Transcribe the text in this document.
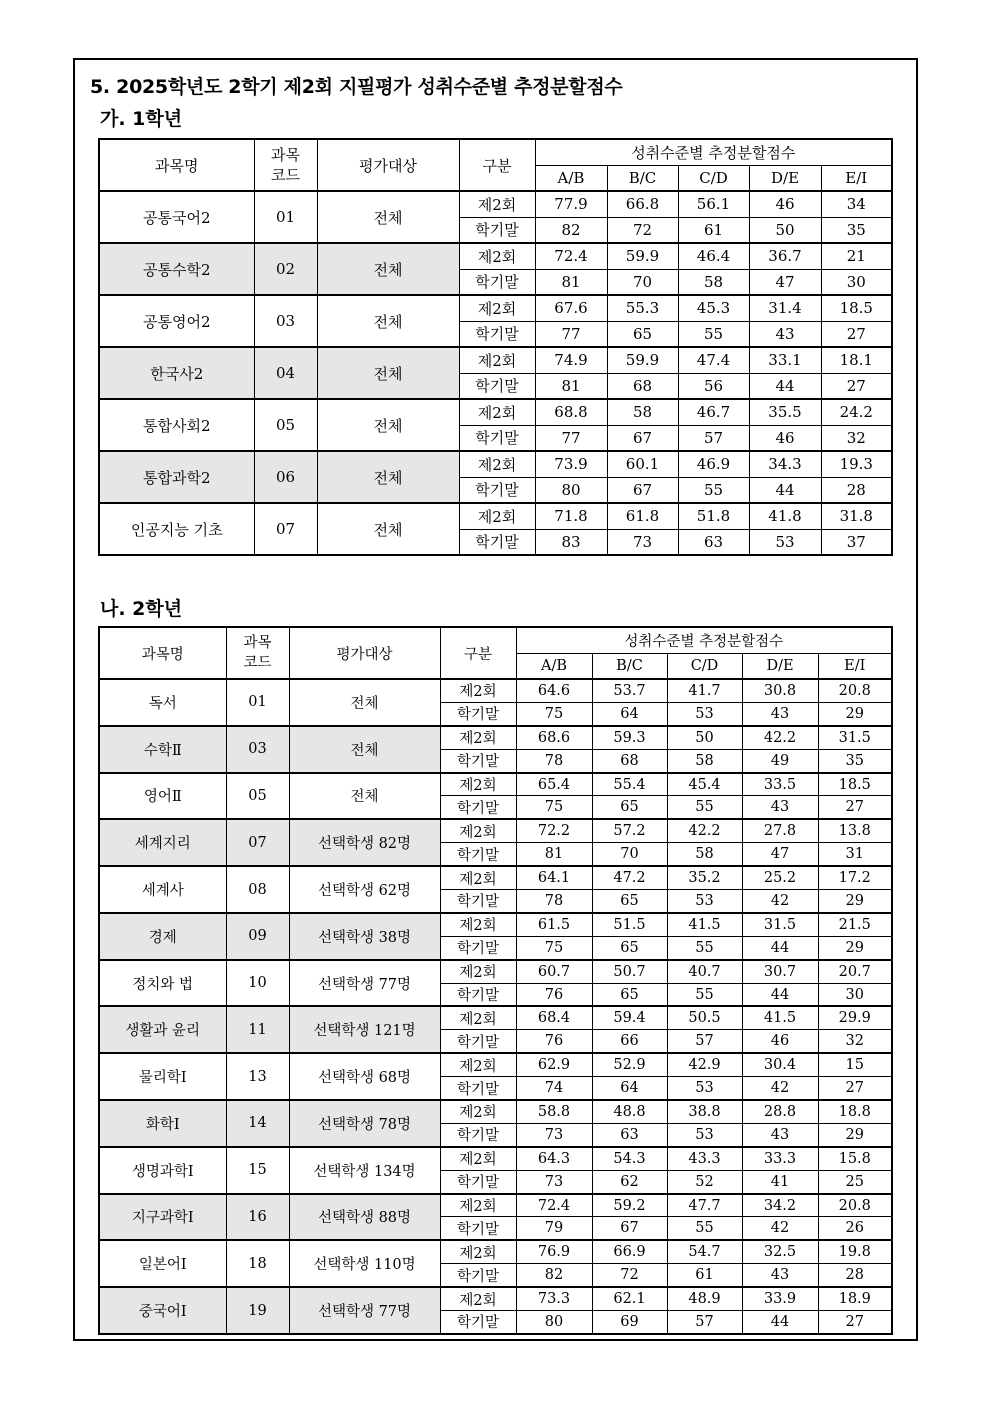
5. 2025학년도 2학기 제2회 지필평가 성취수준별 추정분할점수
가. 1학년
과목명	과목
코드	평가대상	구분	성취수준별 추정분할점수				
				A/B	B/C	C/D	D/E	E/I
공통국어2	01	전체	제2회	77.9	66.8	56.1	46	34
			학기말	82	72	61	50	35
공통수학2	02	전체	제2회	72.4	59.9	46.4	36.7	21
			학기말	81	70	58	47	30
공통영어2	03	전체	제2회	67.6	55.3	45.3	31.4	18.5
			학기말	77	65	55	43	27
한국사2	04	전체	제2회	74.9	59.9	47.4	33.1	18.1
			학기말	81	68	56	44	27
통합사회2	05	전체	제2회	68.8	58	46.7	35.5	24.2
			학기말	77	67	57	46	32
통합과학2	06	전체	제2회	73.9	60.1	46.9	34.3	19.3
			학기말	80	67	55	44	28
인공지능 기초	07	전체	제2회	71.8	61.8	51.8	41.8	31.8
			학기말	83	73	63	53	37
나. 2학년
과목명	과목
코드	평가대상	구분	성취수준별 추정분할점수				
				A/B	B/C	C/D	D/E	E/I
독서	01	전체	제2회	64.6	53.7	41.7	30.8	20.8
			학기말	75	64	53	43	29
수학Ⅱ	03	전체	제2회	68.6	59.3	50	42.2	31.5
			학기말	78	68	58	49	35
영어Ⅱ	05	전체	제2회	65.4	55.4	45.4	33.5	18.5
			학기말	75	65	55	43	27
세계지리	07	선택학생 82명	제2회	72.2	57.2	42.2	27.8	13.8
			학기말	81	70	58	47	31
세계사	08	선택학생 62명	제2회	64.1	47.2	35.2	25.2	17.2
			학기말	78	65	53	42	29
경제	09	선택학생 38명	제2회	61.5	51.5	41.5	31.5	21.5
			학기말	75	65	55	44	29
정치와 법	10	선택학생 77명	제2회	60.7	50.7	40.7	30.7	20.7
			학기말	76	65	55	44	30
생활과 윤리	11	선택학생 121명	제2회	68.4	59.4	50.5	41.5	29.9
			학기말	76	66	57	46	32
물리학Ⅰ	13	선택학생 68명	제2회	62.9	52.9	42.9	30.4	15
			학기말	74	64	53	42	27
화학Ⅰ	14	선택학생 78명	제2회	58.8	48.8	38.8	28.8	18.8
			학기말	73	63	53	43	29
생명과학Ⅰ	15	선택학생 134명	제2회	64.3	54.3	43.3	33.3	15.8
			학기말	73	62	52	41	25
지구과학Ⅰ	16	선택학생 88명	제2회	72.4	59.2	47.7	34.2	20.8
			학기말	79	67	55	42	26
일본어Ⅰ	18	선택학생 110명	제2회	76.9	66.9	54.7	32.5	19.8
			학기말	82	72	61	43	28
중국어Ⅰ	19	선택학생 77명	제2회	73.3	62.1	48.9	33.9	18.9
			학기말	80	69	57	44	27
